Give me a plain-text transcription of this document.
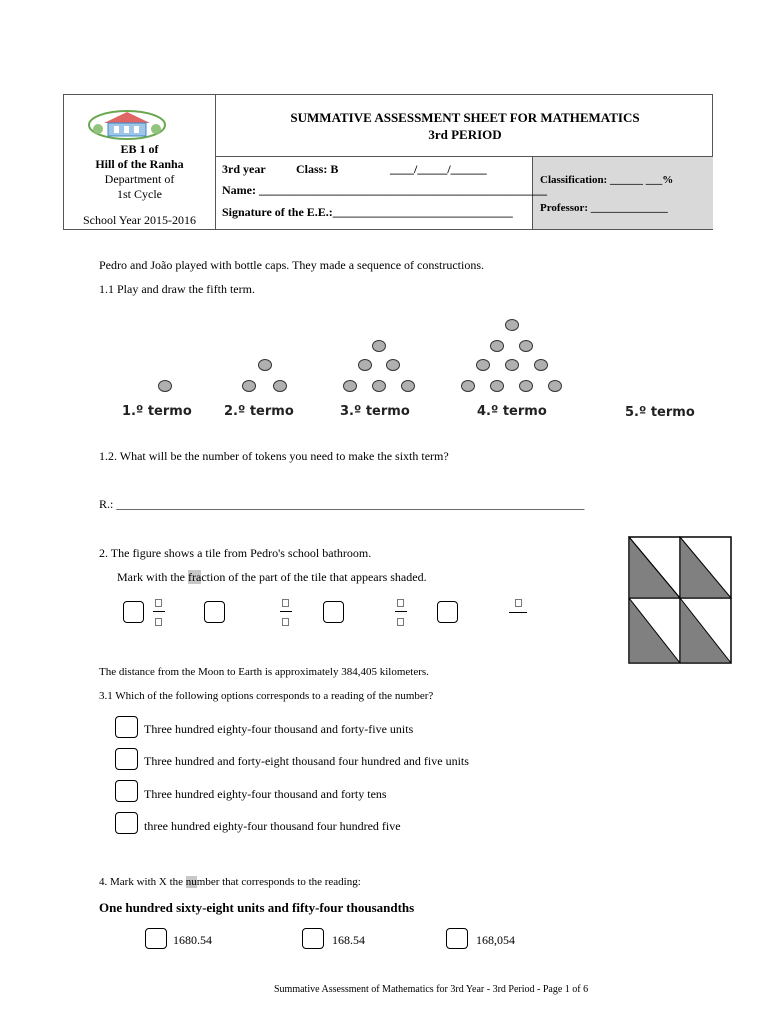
EB 1 of
Hill of the Ranha
Department of
1st Cycle
School Year 2015-2016
SUMMATIVE ASSESSMENT SHEET FOR MATHEMATICS
3rd PERIOD
3rd year	Class: B	____/_____/______
Name: ________________________________________________
Signature of the E.E.:______________________________
Classification: ______ ___%
Professor: ______________
Pedro and João played with bottle caps. They made a sequence of constructions.
1.1 Play and draw the fifth term.
1.º termo 2.º termo	3.º termo	4.º termo	5.º termo
1.2. What will be the number of tokens you need to make the sixth term?
R.: ______________________________________________________________________________
2. The figure shows a tile from Pedro's school bathroom.
Mark with the fraction of the part of the tile that appears shaded.
The distance from the Moon to Earth is approximately 384,405 kilometers.
3.1 Which of the following options corresponds to a reading of the number?
Three hundred eighty-four thousand and forty-five units
Three hundred and forty-eight thousand four hundred and five units
Three hundred eighty-four thousand and forty tens
three hundred eighty-four thousand four hundred five
4. Mark with X the number that corresponds to the reading:
One hundred sixty-eight units and fifty-four thousandths
1680.54	168.54	168,054
Summative Assessment of Mathematics for 3rd Year - 3rd Period - Page 1 of 6
